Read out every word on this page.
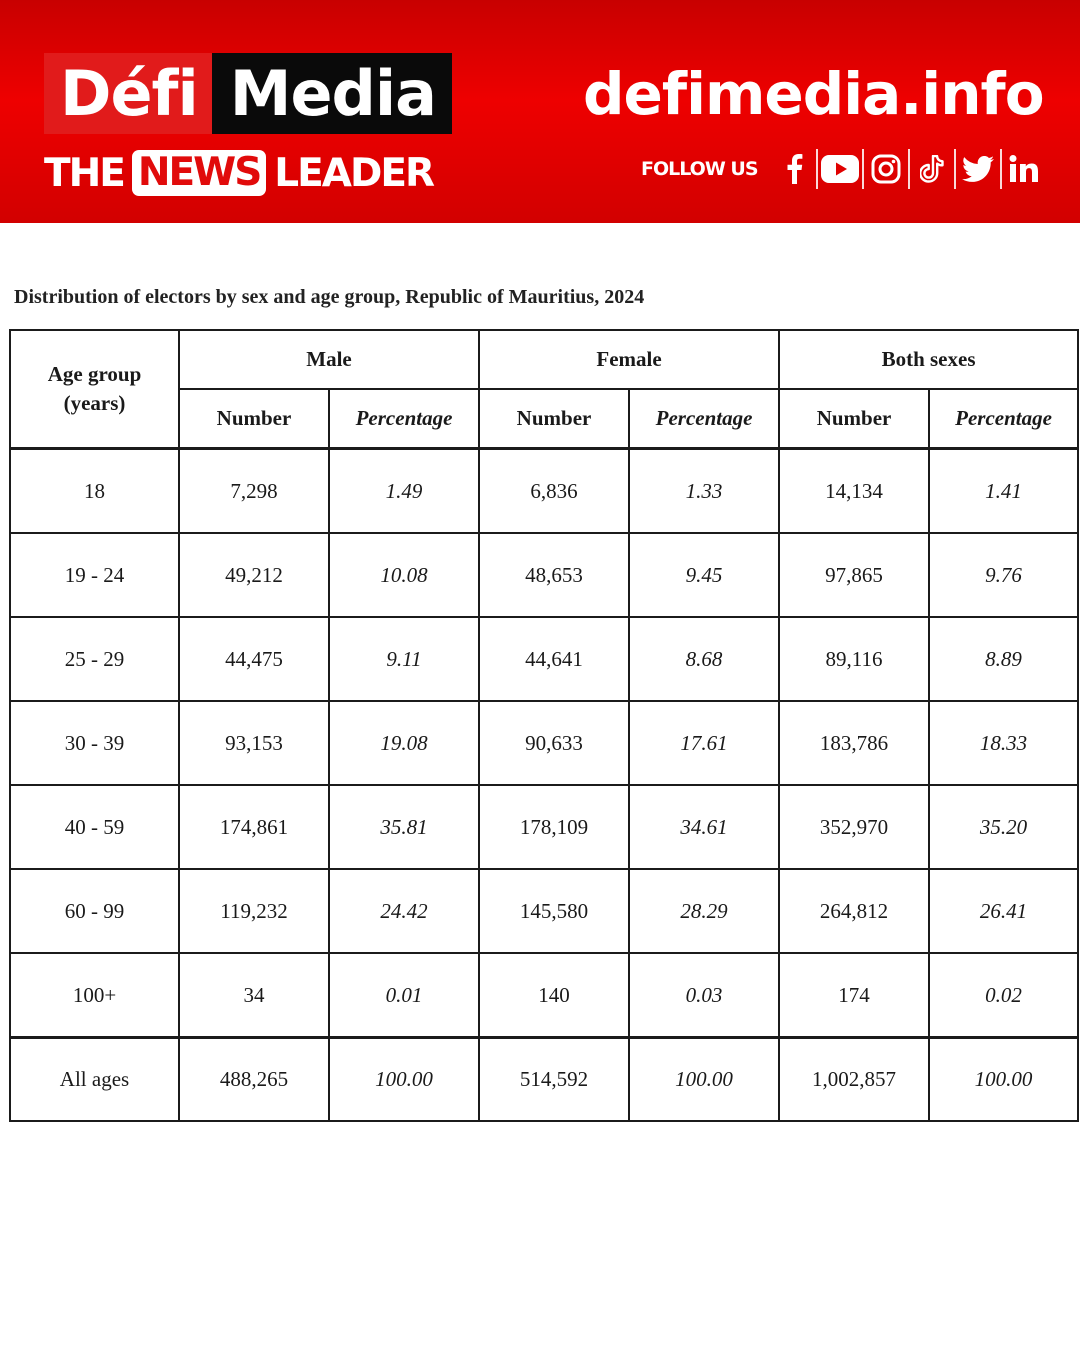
Défi Media
THE NEWS LEADER
defimedia.info
FOLLOW US
Distribution of electors by sex and age group, Republic of Mauritius, 2024
Age group
(years)	Male		Female		Both sexes	
	Number	Percentage	Number	Percentage	Number	Percentage
18	7,298	1.49	6,836	1.33	14,134	1.41
19 - 24	49,212	10.08	48,653	9.45	97,865	9.76
25 - 29	44,475	9.11	44,641	8.68	89,116	8.89
30 - 39	93,153	19.08	90,633	17.61	183,786	18.33
40 - 59	174,861	35.81	178,109	34.61	352,970	35.20
60 - 99	119,232	24.42	145,580	28.29	264,812	26.41
100+	34	0.01	140	0.03	174	0.02
All ages	488,265	100.00	514,592	100.00	1,002,857	100.00
